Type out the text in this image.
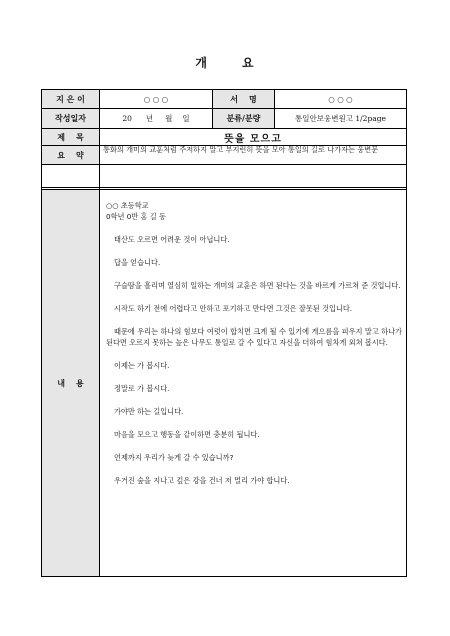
개	요
지 은 이	○ ○ ○	서    명	○ ○ ○
작성일자	20 년 월 일	분류/분량	통일안보웅변원고 1/2page
제    목	뜻을 모으고
요    약
통화의 개미의 교훈처럼 주저하지 말고 부지런히 뜻을 모아 통일의 길로 나가자는 웅변문
내    용
○○ 초등학교
0학년 0반 홍 길 동

태산도 오르면 어려운 것이 아닙니다.

답을 얻습니다.

구슬땀을 흘리며 열심히 일하는 개미의 교훈은 하면 된다는 것을 바르게 가르쳐 준 것입니다.

시작도 하기 전에 어렵다고 안하고 포기하고 만다면 그것은 잘못된 것입니다.

때문에 우리는 하나의 힘보다 여럿이 합치면 크게 될 수 있기에 게으름을 피우지 말고 하나가 된다면 오르지 못하는 높은 나무도 통일로 갈 수 있다고 자신을 더하여 힘차게 외쳐 봅시다.

이제는 가 봅시다.

정말로 가 봅시다.

가야만 하는 길입니다.

마음을 모으고 행동을 같이하면 충분히 됩니다.

언제까지 우리가 늦게 갈 수 있습니까?

우거진 숲을 지나고 깊은 강을 건너 저 멀리 가야 합니다.
